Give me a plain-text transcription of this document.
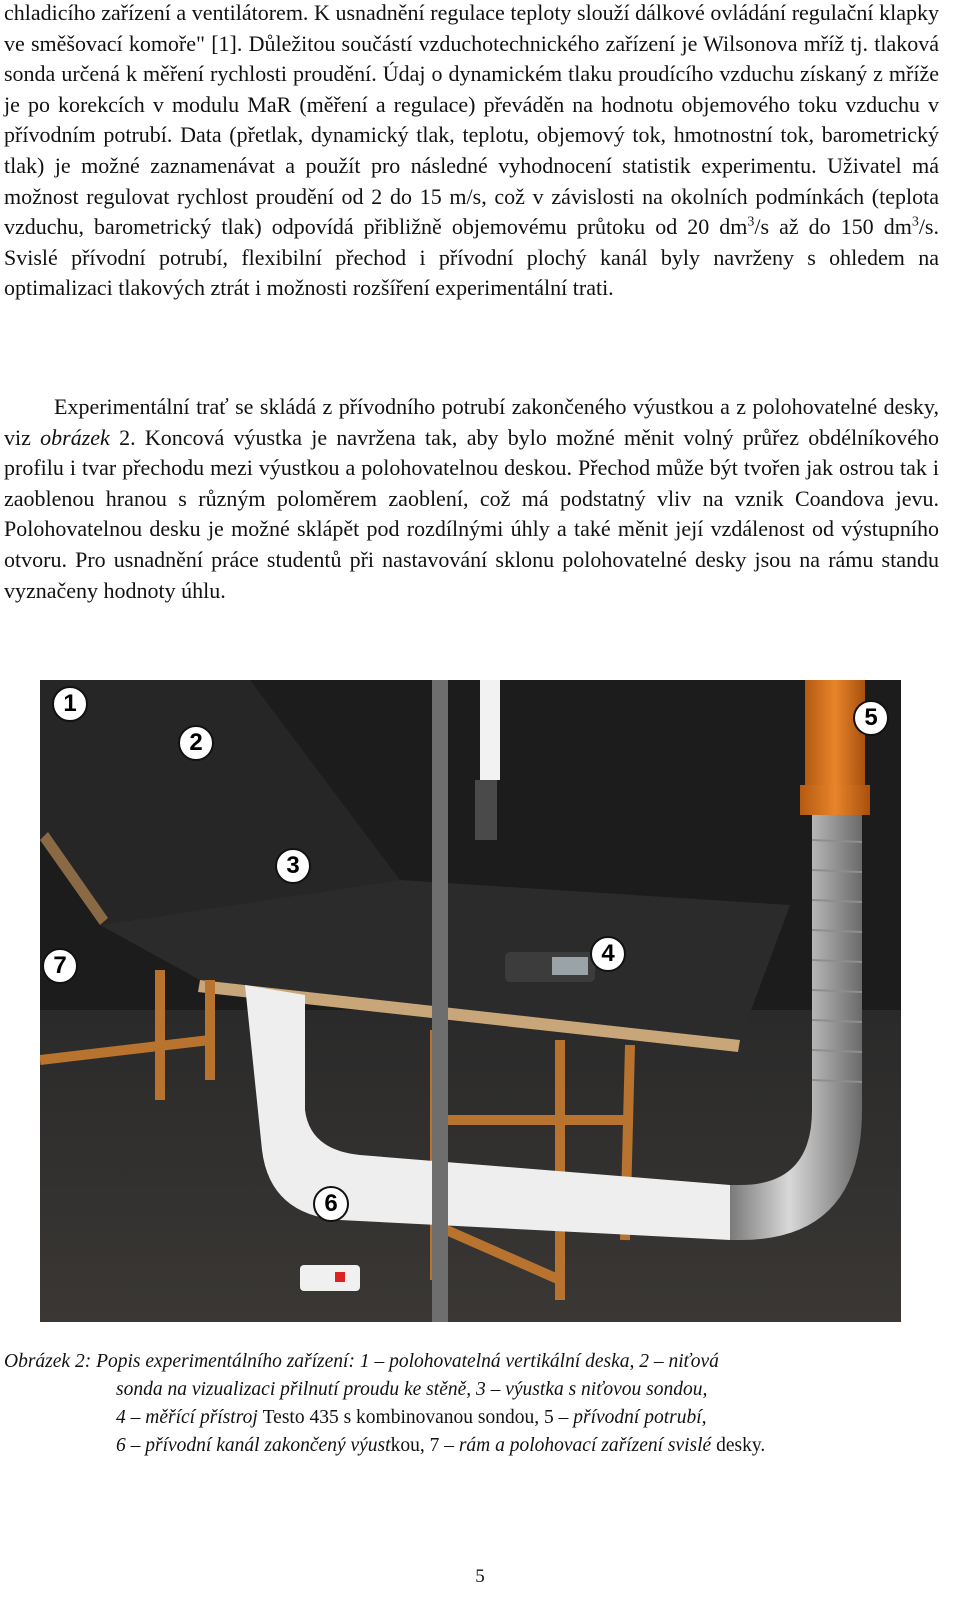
chladicího zařízení a ventilátorem. K usnadnění regulace teploty slouží dálkové ovládání regulační klapky ve směšovací komoře" [1]. Důležitou součástí vzduchotechnického zařízení je Wilsonova mříž tj. tlaková sonda určená k měření rychlosti proudění. Údaj o dynamickém tlaku proudícího vzduchu získaný z mříže je po korekcích v modulu MaR (měření a regulace) převáděn na hodnotu objemového toku vzduchu v přívodním potrubí. Data (přetlak, dynamický tlak, teplotu, objemový tok, hmotnostní tok, barometrický tlak) je možné zaznamenávat a použít pro následné vyhodnocení statistik experimentu. Uživatel má možnost regulovat rychlost proudění od 2 do 15 m/s, což v závislosti na okolních podmínkách (teplota vzduchu, barometrický tlak) odpovídá přibližně objemovému průtoku od 20 $dm^3/s$ až do 150 $dm^3/s$. Svislé přívodní potrubí, flexibilní přechod i přívodní plochý kanál byly navrženy s ohledem na optimalizaci tlakových ztrát i možnosti rozšíření experimentální trati.

Experimentální trať se skládá z přívodního potrubí zakončeného výustkou a z polohovatelné desky, viz obrázek 2. Koncová výustka je navržena tak, aby bylo možné měnit volný průřez obdélníkového profilu i tvar přechodu mezi výustkou a polohovatelnou deskou. Přechod může být tvořen jak ostrou tak i zaoblenou hranou s různým poloměrem zaoblení, což má podstatný vliv na vznik Coandova jevu. Polohovatelnou desku je možné sklápět pod rozdílnými úhly a také měnit její vzdálenost od výstupního otvoru. Pro usnadnění práce studentů při nastavování sklonu polohovatelné desky jsou na rámu standu vyznačeny hodnoty úhlu.

1
2
3
4
5
6
7
Obrázek 2: Popis experimentálního zařízení: 1 – polohovatelná vertikální deska, 2 – niťová
sonda na vizualizaci přilnutí proudu ke stěně, 3 – výustka s niťovou sondou,
4 – měřící přístroj Testo 435 s kombinovanou sondou, 5 – přívodní potrubí,
6 – přívodní kanál zakončený výustkou, 7 – rám a polohovací zařízení svislé desky.
5
